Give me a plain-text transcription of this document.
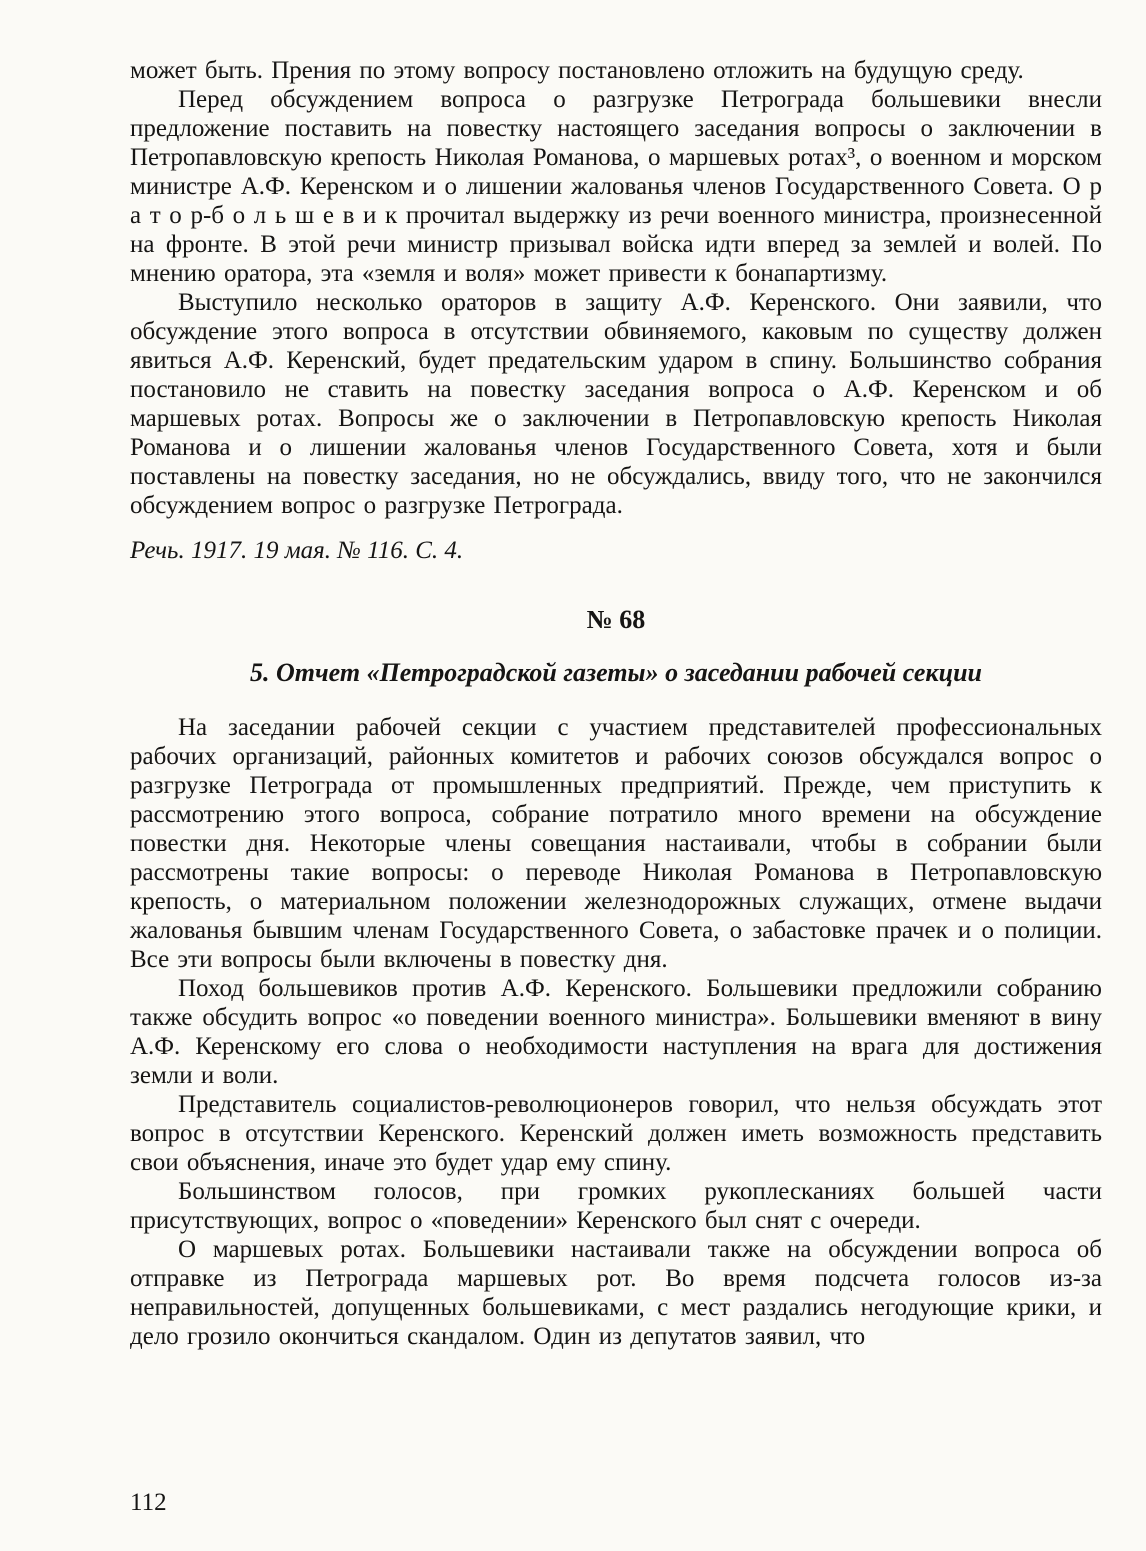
может быть. Прения по этому вопросу постановлено отложить на будущую среду.

Перед обсуждением вопроса о разгрузке Петрограда большевики внесли предложение поставить на повестку настоящего заседания вопросы о заключении в Петропавловскую крепость Николая Романова, о маршевых ротах³, о военном и морском министре А.Ф. Керенском и о лишении жалованья членов Государственного Совета. О р а т о р-б о л ь ш е в и к прочитал выдержку из речи военного министра, произнесенной на фронте. В этой речи министр призывал войска идти вперед за землей и волей. По мнению оратора, эта «земля и воля» может привести к бонапартизму.

Выступило несколько ораторов в защиту А.Ф. Керенского. Они заявили, что обсуждение этого вопроса в отсутствии обвиняемого, каковым по существу должен явиться А.Ф. Керенский, будет предательским ударом в спину. Большинство собрания постановило не ставить на повестку заседания вопроса о А.Ф. Керенском и об маршевых ротах. Вопросы же о заключении в Петропавловскую крепость Николая Романова и о лишении жалованья членов Государственного Совета, хотя и были поставлены на повестку заседания, но не обсуждались, ввиду того, что не закончился обсуждением вопрос о разгрузке Петрограда.

Речь. 1917. 19 мая. № 116. С. 4.

№ 68
5. Отчет «Петроградской газеты» о заседании рабочей секции

На заседании рабочей секции с участием представителей профессиональных рабочих организаций, районных комитетов и рабочих союзов обсуждался вопрос о разгрузке Петрограда от промышленных предприятий. Прежде, чем приступить к рассмотрению этого вопроса, собрание потратило много времени на обсуждение повестки дня. Некоторые члены совещания настаивали, чтобы в собрании были рассмотрены такие вопросы: о переводе Николая Романова в Петропавловскую крепость, о материальном положении железнодорожных служащих, отмене выдачи жалованья бывшим членам Государственного Совета, о забастовке прачек и о полиции. Все эти вопросы были включены в повестку дня.

Поход большевиков против А.Ф. Керенского. Большевики предложили собранию также обсудить вопрос «о поведении военного министра». Большевики вменяют в вину А.Ф. Керенскому его слова о необходимости наступления на врага для достижения земли и воли.

Представитель социалистов-революционеров говорил, что нельзя обсуждать этот вопрос в отсутствии Керенского. Керенский должен иметь возможность представить свои объяснения, иначе это будет удар ему спину.

Большинством голосов, при громких рукоплесканиях большей части присутствующих, вопрос о «поведении» Керенского был снят с очереди.

О маршевых ротах. Большевики настаивали также на обсуждении вопроса об отправке из Петрограда маршевых рот. Во время подсчета голосов из-за неправильностей, допущенных большевиками, с мест раздались негодующие крики, и дело грозило окончиться скандалом. Один из депутатов заявил, что

112
